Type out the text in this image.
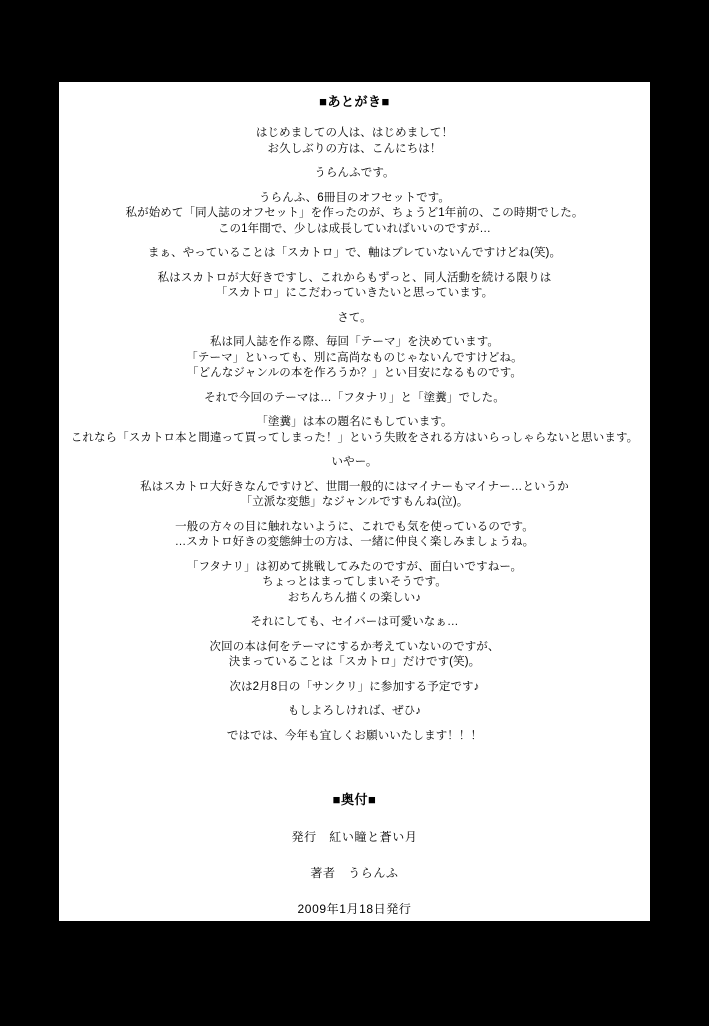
■あとがき■
はじめましての人は、はじめまして！
お久しぶりの方は、こんにちは！
うらんふです。
うらんふ、6冊目のオフセットです。
私が始めて「同人誌のオフセット」を作ったのが、ちょうど1年前の、この時期でした。
この1年間で、少しは成長していればいいのですが…
まぁ、やっていることは「スカトロ」で、軸はブレていないんですけどね(笑)。
私はスカトロが大好きですし、これからもずっと、同人活動を続ける限りは
「スカトロ」にこだわっていきたいと思っています。
さて。
私は同人誌を作る際、毎回「テーマ」を決めています。
「テーマ」といっても、別に高尚なものじゃないんですけどね。
「どんなジャンルの本を作ろうか？」とい目安になるものです。
それで今回のテーマは…「フタナリ」と「塗糞」でした。
「塗糞」は本の題名にもしています。
これなら「スカトロ本と間違って買ってしまった！」という失敗をされる方はいらっしゃらないと思います。
いやー。
私はスカトロ大好きなんですけど、世間一般的にはマイナーもマイナー…というか
「立派な変態」なジャンルですもんね(泣)。
一般の方々の目に触れないように、これでも気を使っているのです。
…スカトロ好きの変態紳士の方は、一緒に仲良く楽しみましょうね。
「フタナリ」は初めて挑戦してみたのですが、面白いですねー。
ちょっとはまってしまいそうです。
おちんちん描くの楽しい♪
それにしても、セイバーは可愛いなぁ…
次回の本は何をテーマにするか考えていないのですが、
決まっていることは「スカトロ」だけです(笑)。
次は2月8日の「サンクリ」に参加する予定です♪
もしよろしければ、ぜひ♪
ではでは、今年も宜しくお願いいたします！！！
■奥付■
発行　紅い瞳と蒼い月
著者　うらんふ
2009年1月18日発行
e-mail　ayanamiasuka@hotmail.co.jp
URL　http://shirayuki.saiin.net/~akaihitomi/
印刷　ねこのしっぽ
